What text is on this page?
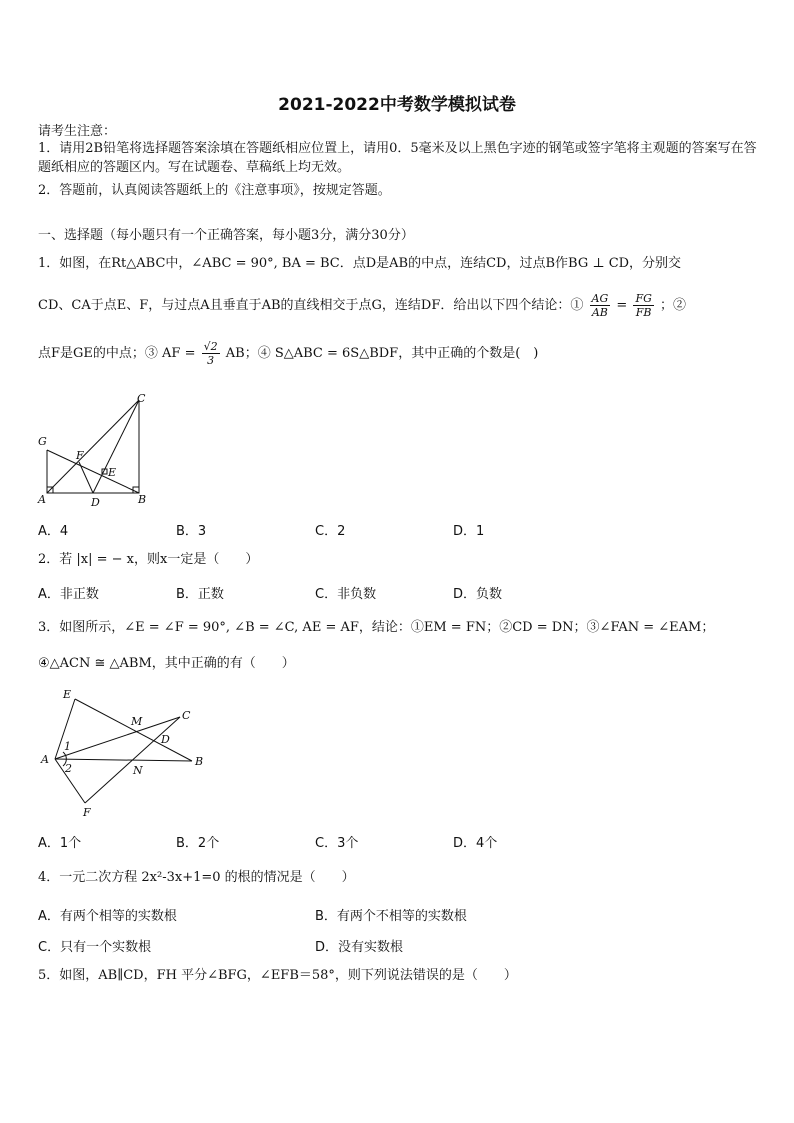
2021-2022中考数学模拟试卷
请考生注意：
1．请用2B铅笔将选择题答案涂填在答题纸相应位置上，请用0．5毫米及以上黑色字迹的钢笔或签字笔将主观题的答案写在答题纸相应的答题区内。写在试题卷、草稿纸上均无效。
2．答题前，认真阅读答题纸上的《注意事项》，按规定答题。
一、选择题（每小题只有一个正确答案，每小题3分，满分30分）
1．如图，在Rt△ABC中，∠ABC = 90°, BA = BC．点D是AB的中点，连结CD，过点B作BG ⊥ CD，分别交
CD、CA于点E、F，与过点A且垂直于AB的直线相交于点G，连结DF．给出以下四个结论：① $\frac{AG}{AB} = \frac{FG}{FB}$ ；②
点F是GE的中点；③ AF = $\frac{√2}{3}$ AB；④ S△ABC = 6S△BDF，其中正确的个数是(　)
C
G
F
E
A	D	B
A．4	B．3	C．2	D．1
2．若 |x| = − x，则x一定是（　　）
A．非正数	B．正数	C．非负数	D．负数
3．如图所示，∠E = ∠F = 90°, ∠B = ∠C, AE = AF，结论：①EM = FN；②CD = DN；③∠FAN = ∠EAM；
④△ACN ≅ △ABM，其中正确的有（　　）
E
M	C
D
1
A
2	N
B
F
A．1个	B．2个	C．3个	D．4个
4．一元二次方程 2x²-3x+1=0 的根的情况是（　　）
A．有两个相等的实数根	B．有两个不相等的实数根
C．只有一个实数根	D．没有实数根
5．如图，AB∥CD，FH 平分∠BFG，∠EFB＝58°，则下列说法错误的是（　　）
